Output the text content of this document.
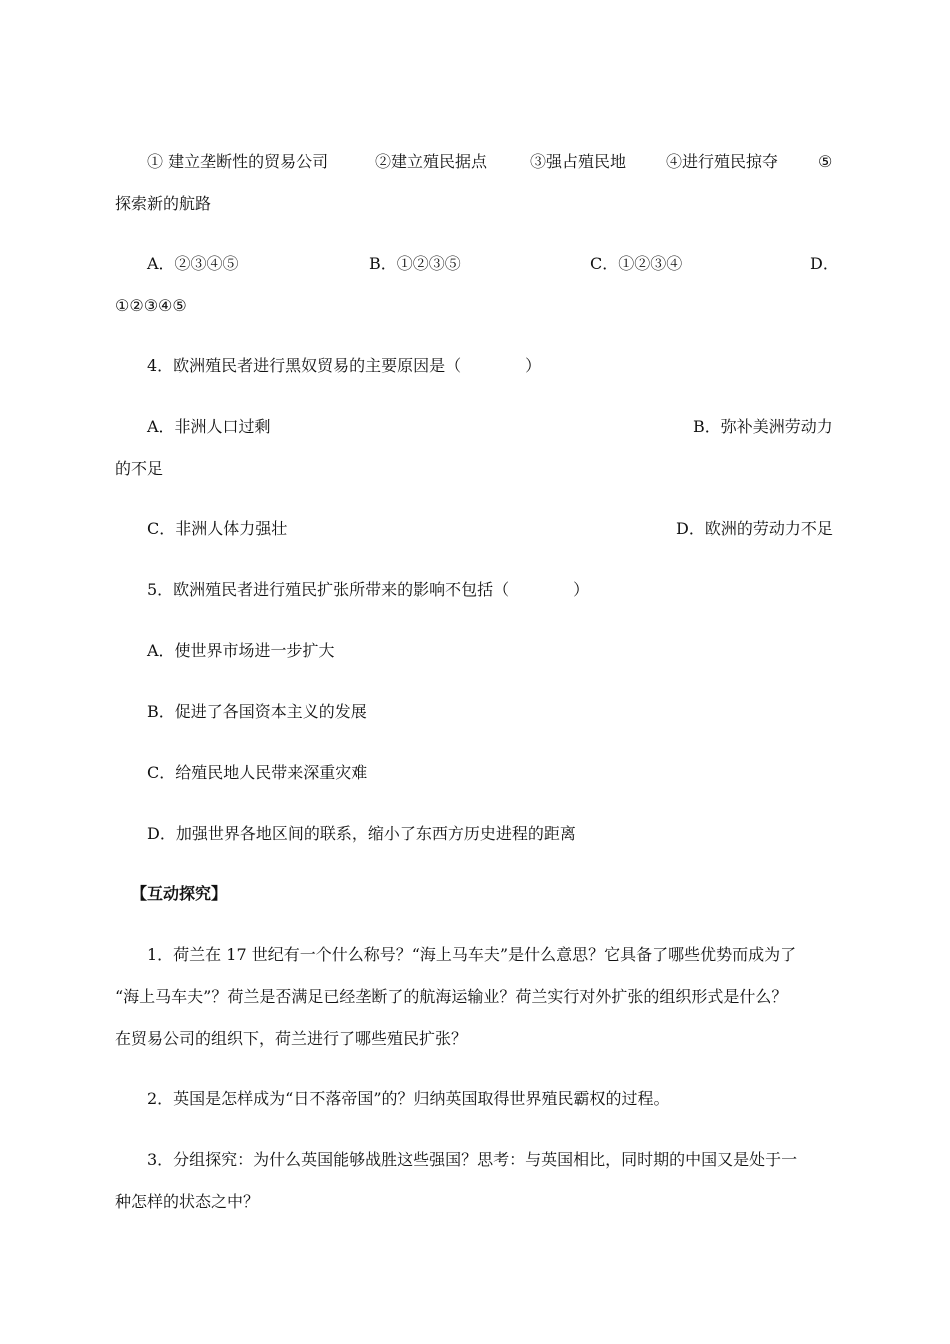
① 建立垄断性的贸易公司	②建立殖民据点	③强占殖民地 ④进行殖民掠夺 ⑤
探索新的航路
A．②③④⑤	B．①②③⑤	C．①②③④	D．
①②③④⑤
4．欧洲殖民者进行黑奴贸易的主要原因是（　　　　）
A．非洲人口过剩	B．弥补美洲劳动力
的不足
C．非洲人体力强壮	D．欧洲的劳动力不足
5．欧洲殖民者进行殖民扩张所带来的影响不包括（　　　　）
A．使世界市场进一步扩大
B．促进了各国资本主义的发展
C．给殖民地人民带来深重灾难
D．加强世界各地区间的联系，缩小了东西方历史进程的距离
【互动探究】
1．荷兰在 17 世纪有一个什么称号？“海上马车夫”是什么意思？它具备了哪些优势而成为了
“海上马车夫”？荷兰是否满足已经垄断了的航海运输业？荷兰实行对外扩张的组织形式是什么？
在贸易公司的组织下，荷兰进行了哪些殖民扩张？
2．英国是怎样成为“日不落帝国”的？归纳英国取得世界殖民霸权的过程。
3．分组探究：为什么英国能够战胜这些强国？思考：与英国相比，同时期的中国又是处于一
种怎样的状态之中？
